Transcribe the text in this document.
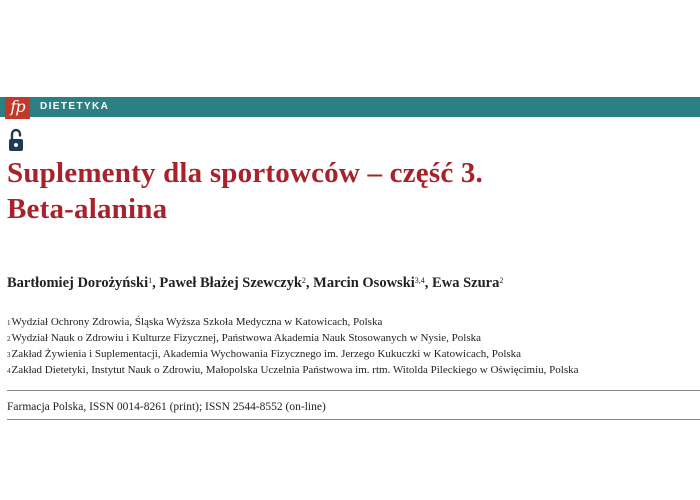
fp	DIETETYKA
Suplementy dla sportowców – część 3.
Beta-alanina
Bartłomiej Dorożyński$^1$, Paweł Błażej Szewczyk$^2$, Marcin Osowski$^{3,4}$, Ewa Szura$^2$
$^1$Wydział Ochrony Zdrowia, Śląska Wyższa Szkoła Medyczna w Katowicach, Polska
$^2$Wydział Nauk o Zdrowiu i Kulturze Fizycznej, Państwowa Akademia Nauk Stosowanych w Nysie, Polska
$^3$Zakład Żywienia i Suplementacji, Akademia Wychowania Fizycznego im. Jerzego Kukuczki w Katowicach, Polska
$^4$Zakład Dietetyki, Instytut Nauk o Zdrowiu, Małopolska Uczelnia Państwowa im. rtm. Witolda Pileckiego w Oświęcimiu, Polska
Farmacja Polska, ISSN 0014-8261 (print); ISSN 2544-8552 (on-line)
